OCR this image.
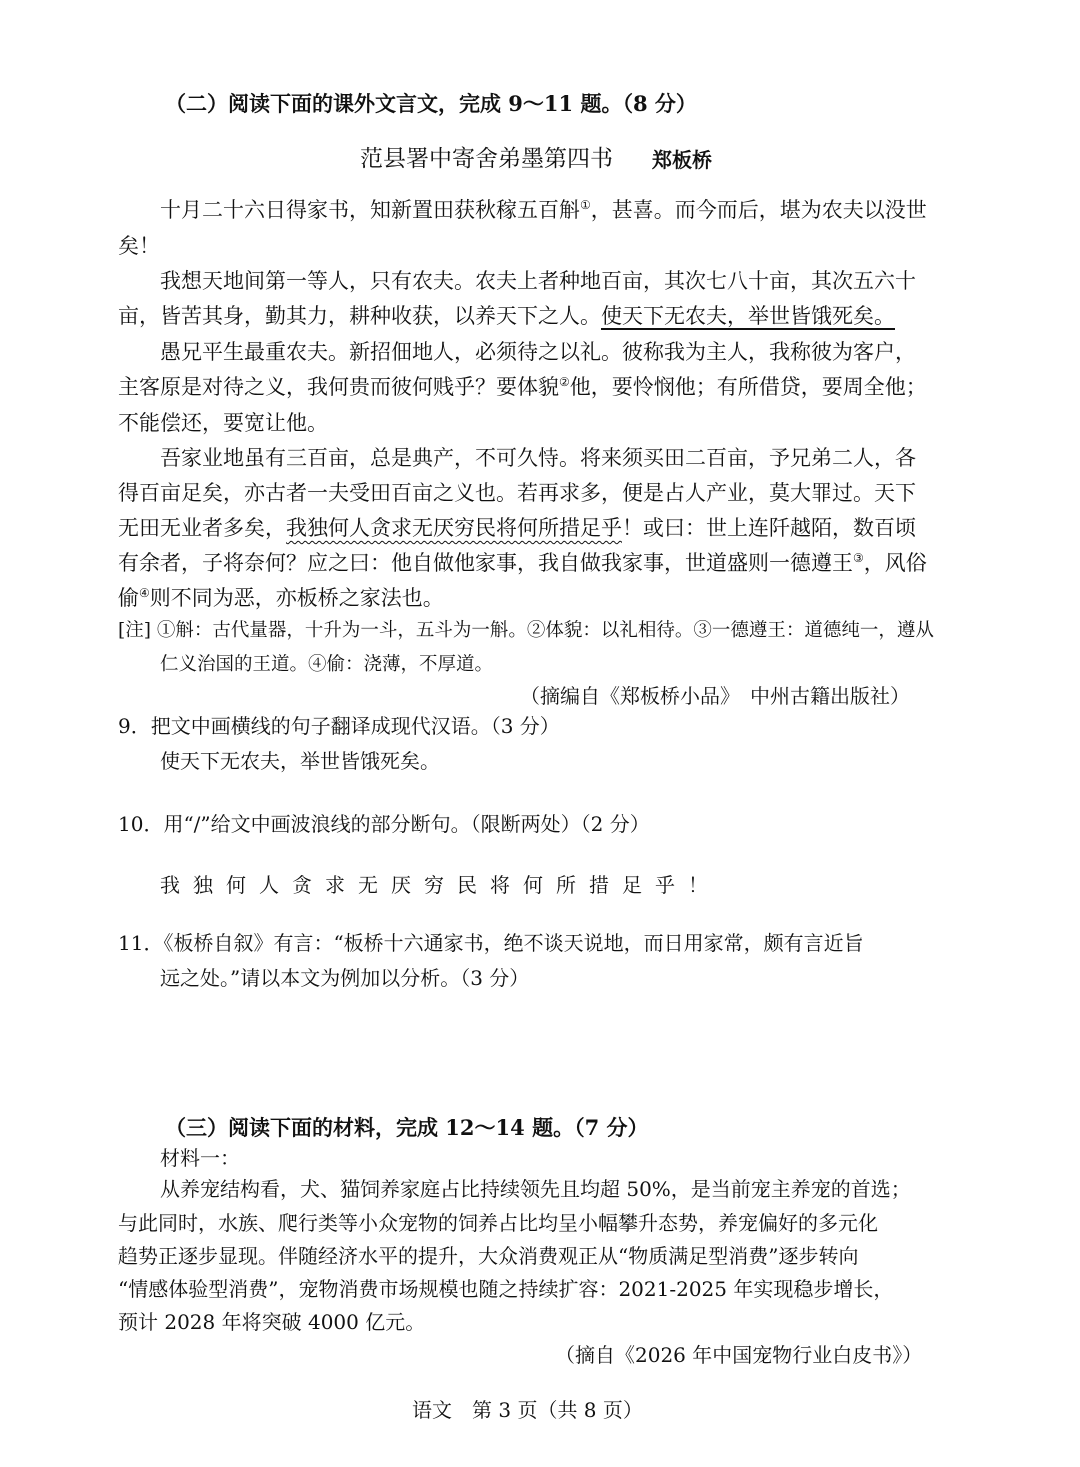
（二）阅读下面的课外文言文，完成 9～11 题。（8 分）
范县署中寄舍弟墨第四书 郑板桥
十月二十六日得家书，知新置田获秋稼五百斛①，甚喜。而今而后，堪为农夫以没世
矣！
我想天地间第一等人，只有农夫。农夫上者种地百亩，其次七八十亩，其次五六十
亩，皆苦其身，勤其力，耕种收获，以养天下之人。使天下无农夫，举世皆饿死矣。
愚兄平生最重农夫。新招佃地人，必须待之以礼。彼称我为主人，我称彼为客户，
主客原是对待之义，我何贵而彼何贱乎？要体貌②他，要怜悯他；有所借贷，要周全他；
不能偿还，要宽让他。
吾家业地虽有三百亩，总是典产，不可久恃。将来须买田二百亩，予兄弟二人，各
得百亩足矣，亦古者一夫受田百亩之义也。若再求多，便是占人产业，莫大罪过。天下
无田无业者多矣，我独何人贪求无厌穷民将何所措足乎！或曰：世上连阡越陌，数百顷
有余者，子将奈何？应之曰：他自做他家事，我自做我家事，世道盛则一德遵王③，风俗
偷④则不同为恶，亦板桥之家法也。
[注] ①斛：古代量器，十升为一斗，五斗为一斛。②体貌：以礼相待。③一德遵王：道德纯一，遵从
仁义治国的王道。④偷：浇薄，不厚道。
（摘编自《郑板桥小品》　中州古籍出版社）
9．把文中画横线的句子翻译成现代汉语。（3 分）
使天下无农夫，举世皆饿死矣。
10．用“/”给文中画波浪线的部分断句。（限断两处）（2 分）
我独何人贪求无厌穷民将何所措足乎！
11．《板桥自叙》有言：“板桥十六通家书，绝不谈天说地，而日用家常，颇有言近旨
远之处。”请以本文为例加以分析。（3 分）
（三）阅读下面的材料，完成 12～14 题。（7 分）
材料一：
从养宠结构看，犬、猫饲养家庭占比持续领先且均超 50%，是当前宠主养宠的首选；
与此同时，水族、爬行类等小众宠物的饲养占比均呈小幅攀升态势，养宠偏好的多元化
趋势正逐步显现。伴随经济水平的提升，大众消费观正从“物质满足型消费”逐步转向
“情感体验型消费”，宠物消费市场规模也随之持续扩容：2021-2025 年实现稳步增长，
预计 2028 年将突破 4000 亿元。
（摘自《2026 年中国宠物行业白皮书》）
语文　第 3 页（共 8 页）
